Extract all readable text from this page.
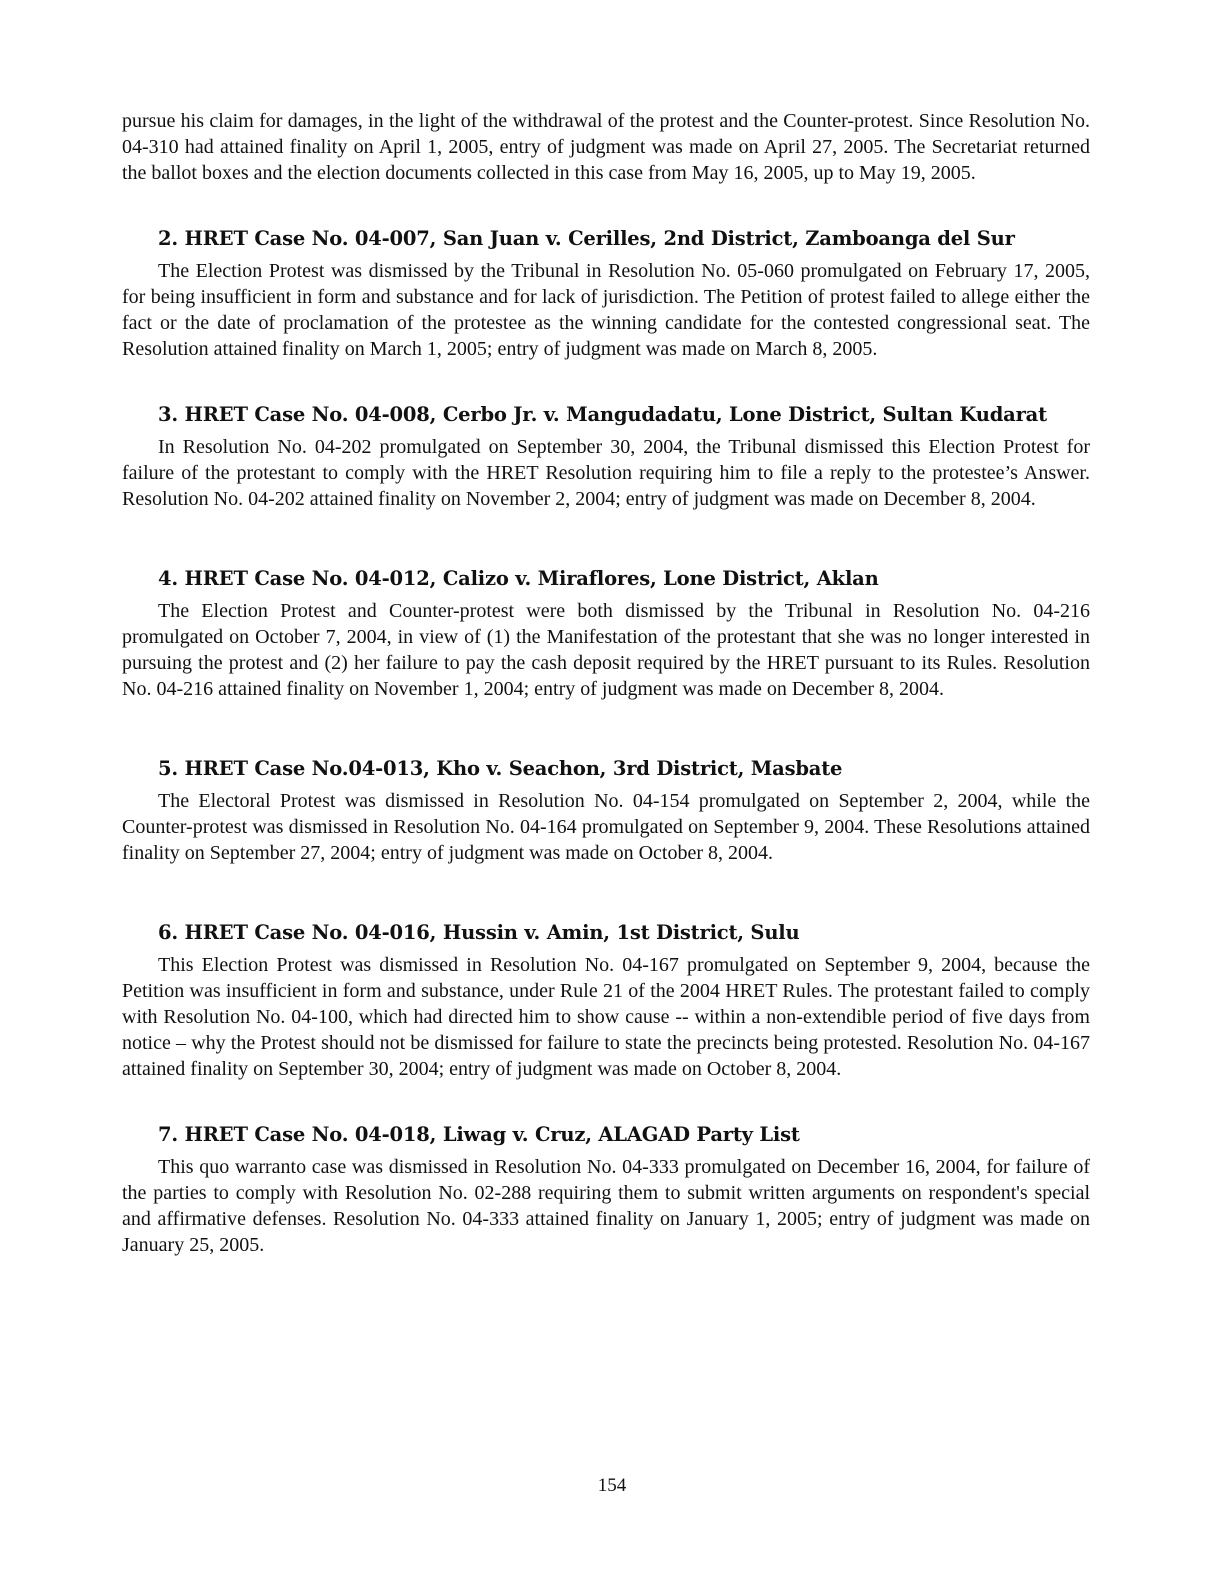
pursue his claim for damages, in the light of the withdrawal of the protest and the Counter-protest. Since Resolution No. 04-310 had attained finality on April 1, 2005, entry of judgment was made on April 27, 2005. The Secretariat returned the ballot boxes and the election documents collected in this case from May 16, 2005, up to May 19, 2005.

2. HRET Case No. 04-007, San Juan v. Cerilles, 2nd District, Zamboanga del Sur

The Election Protest was dismissed by the Tribunal in Resolution No. 05-060 promulgated on February 17, 2005, for being insufficient in form and substance and for lack of jurisdiction. The Petition of protest failed to allege either the fact or the date of proclamation of the protestee as the winning candidate for the contested congressional seat. The Resolution attained finality on March 1, 2005; entry of judgment was made on March 8, 2005.

3. HRET Case No. 04-008, Cerbo Jr. v. Mangudadatu, Lone District, Sultan Kudarat

In Resolution No. 04-202 promulgated on September 30, 2004, the Tribunal dismissed this Election Protest for failure of the protestant to comply with the HRET Resolution requiring him to file a reply to the protestee’s Answer. Resolution No. 04-202 attained finality on November 2, 2004; entry of judgment was made on December 8, 2004.

4. HRET Case No. 04-012, Calizo v. Miraflores, Lone District, Aklan

The Election Protest and Counter-protest were both dismissed by the Tribunal in Resolution No. 04-216 promulgated on October 7, 2004, in view of (1) the Manifestation of the protestant that she was no longer interested in pursuing the protest and (2) her failure to pay the cash deposit required by the HRET pursuant to its Rules. Resolution No. 04-216 attained finality on November 1, 2004; entry of judgment was made on December 8, 2004.

5. HRET Case No.04-013, Kho v. Seachon, 3rd District, Masbate

The Electoral Protest was dismissed in Resolution No. 04-154 promulgated on September 2, 2004, while the Counter-protest was dismissed in Resolution No. 04-164 promulgated on September 9, 2004. These Resolutions attained finality on September 27, 2004; entry of judgment was made on October 8, 2004.

6. HRET Case No. 04-016, Hussin v. Amin, 1st District, Sulu

This Election Protest was dismissed in Resolution No. 04-167 promulgated on September 9, 2004, because the Petition was insufficient in form and substance, under Rule 21 of the 2004 HRET Rules. The protestant failed to comply with Resolution No. 04-100, which had directed him to show cause -- within a non-extendible period of five days from notice – why the Protest should not be dismissed for failure to state the precincts being protested. Resolution No. 04-167 attained finality on September 30, 2004; entry of judgment was made on October 8, 2004.

7. HRET Case No. 04-018, Liwag v. Cruz, ALAGAD Party List

This quo warranto case was dismissed in Resolution No. 04-333 promulgated on December 16, 2004, for failure of the parties to comply with Resolution No. 02-288 requiring them to submit written arguments on respondent's special and affirmative defenses. Resolution No. 04-333 attained finality on January 1, 2005; entry of judgment was made on January 25, 2005.

154
